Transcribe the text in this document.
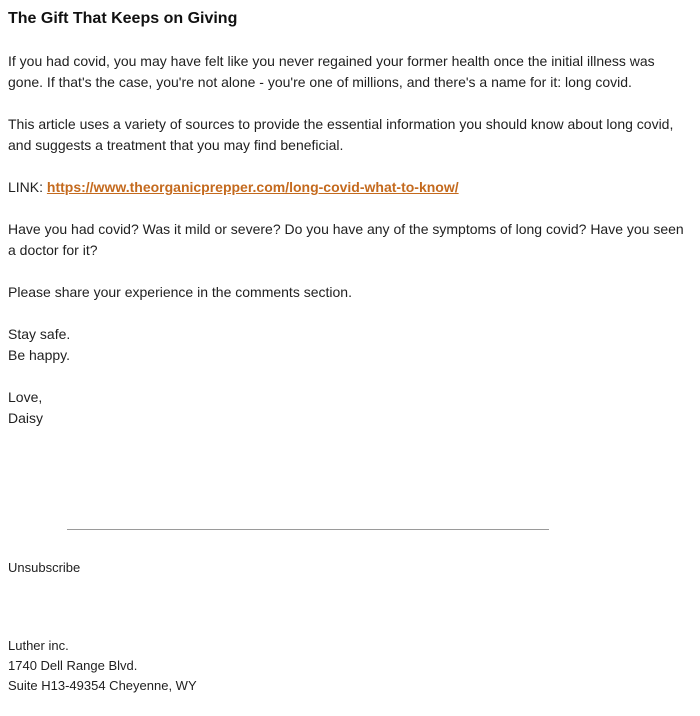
The Gift That Keeps on Giving

If you had covid, you may have felt like you never regained your former health once the initial illness was gone. If that's the case, you're not alone - you're one of millions, and there's a name for it: long covid.

This article uses a variety of sources to provide the essential information you should know about long covid, and suggests a treatment that you may find beneficial.

LINK: https://www.theorganicprepper.com/long-covid-what-to-know/

Have you had covid? Was it mild or severe? Do you have any of the symptoms of long covid? Have you seen a doctor for it?

Please share your experience in the comments section.

Stay safe.

Be happy.

Love,

Daisy

Unsubscribe
Luther inc.
1740 Dell Range Blvd.
Suite H13-49354 Cheyenne, WY
